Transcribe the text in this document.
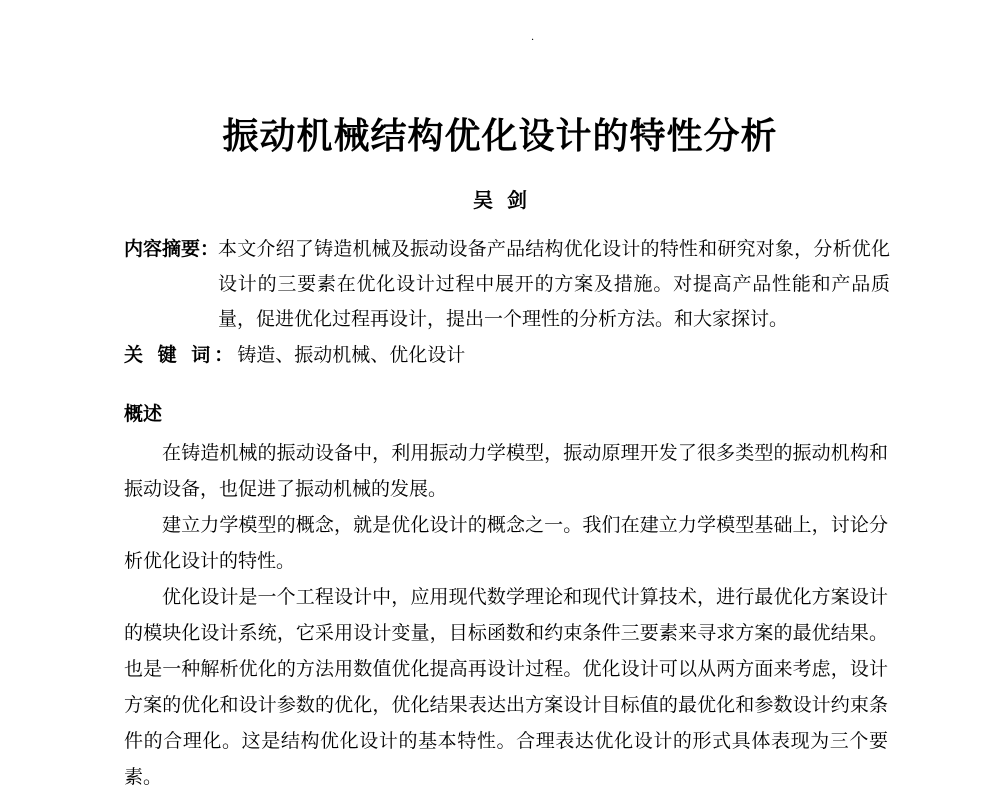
·
振动机械结构优化设计的特性分析
吴剑
内容摘要：
本文介绍了铸造机械及振动设备产品结构优化设计的特性和研究对象，分析优化设计的三要素在优化设计过程中展开的方案及措施。对提高产品性能和产品质量，促进优化过程再设计，提出一个理性的分析方法。和大家探讨。
关 键 词：铸造、振动机械、优化设计
概述

在铸造机械的振动设备中，利用振动力学模型，振动原理开发了很多类型的振动机构和振动设备，也促进了振动机械的发展。

建立力学模型的概念，就是优化设计的概念之一。我们在建立力学模型基础上，讨论分析优化设计的特性。

优化设计是一个工程设计中，应用现代数学理论和现代计算技术，进行最优化方案设计的模块化设计系统，它采用设计变量，目标函数和约束条件三要素来寻求方案的最优结果。也是一种解析优化的方法用数值优化提高再设计过程。优化设计可以从两方面来考虑，设计方案的优化和设计参数的优化，优化结果表达出方案设计目标值的最优化和参数设计约束条件的合理化。这是结构优化设计的基本特性。合理表达优化设计的形式具体表现为三个要素。
